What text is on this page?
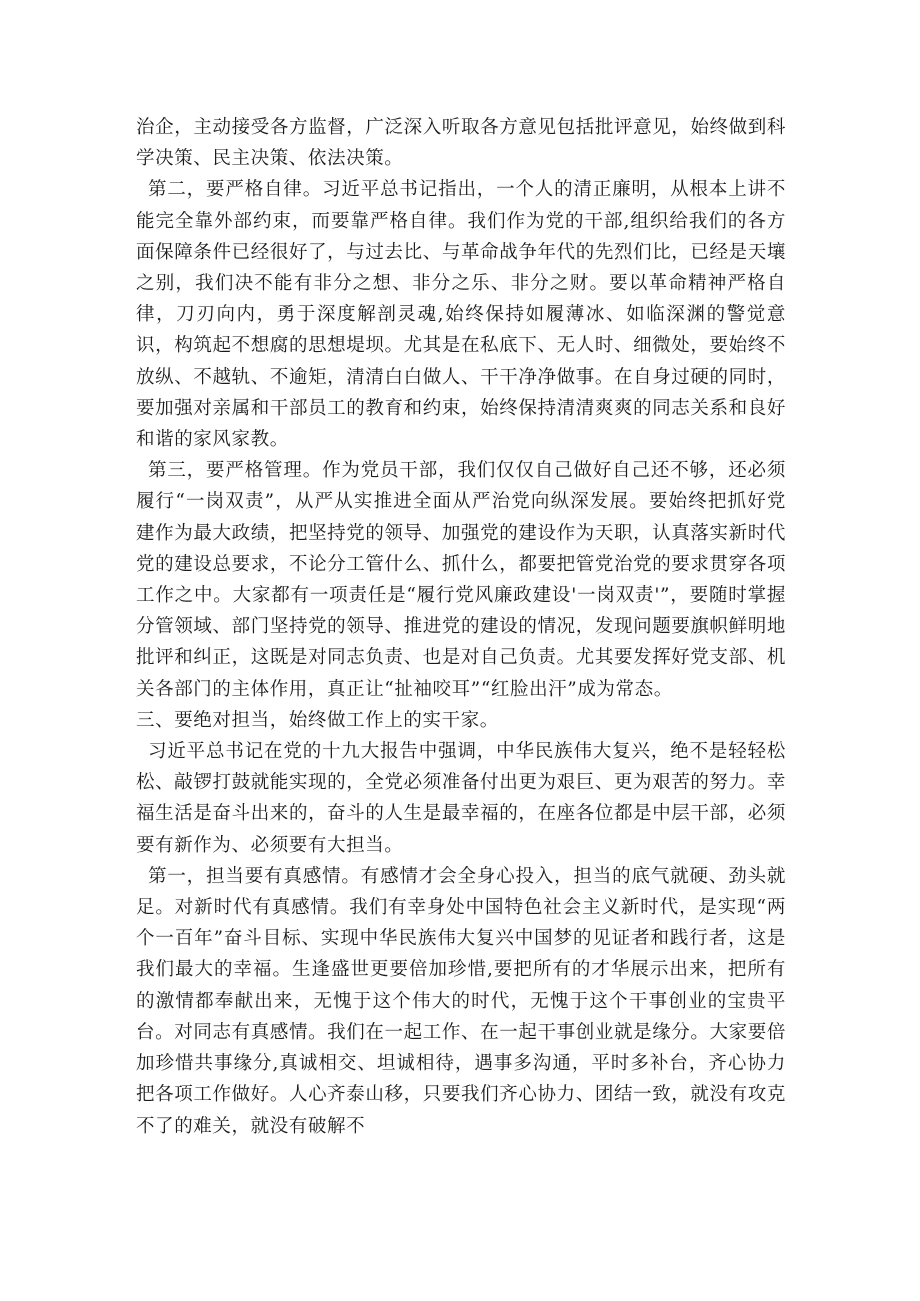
治企，主动接受各方监督，广泛深入听取各方意见包括批评意见，始终做到科学决策、民主决策、依法决策。

第二，要严格自律。习近平总书记指出，一个人的清正廉明，从根本上讲不能完全靠外部约束，而要靠严格自律。我们作为党的干部,组织给我们的各方面保障条件已经很好了，与过去比、与革命战争年代的先烈们比，已经是天壤之别，我们决不能有非分之想、非分之乐、非分之财。要以革命精神严格自律，刀刃向内，勇于深度解剖灵魂,始终保持如履薄冰、如临深渊的警觉意识，构筑起不想腐的思想堤坝。尤其是在私底下、无人时、细微处，要始终不放纵、不越轨、不逾矩，清清白白做人、干干净净做事。在自身过硬的同时，要加强对亲属和干部员工的教育和约束，始终保持清清爽爽的同志关系和良好和谐的家风家教。

第三，要严格管理。作为党员干部，我们仅仅自己做好自己还不够，还必须履行“一岗双责”，从严从实推进全面从严治党向纵深发展。要始终把抓好党建作为最大政绩，把坚持党的领导、加强党的建设作为天职，认真落实新时代党的建设总要求，不论分工管什么、抓什么，都要把管党治党的要求贯穿各项工作之中。大家都有一项责任是“履行党风廉政建设'一岗双责'”，要随时掌握分管领域、部门坚持党的领导、推进党的建设的情况，发现问题要旗帜鲜明地批评和纠正，这既是对同志负责、也是对自己负责。尤其要发挥好党支部、机关各部门的主体作用，真正让“扯袖咬耳”“红脸出汗”成为常态。

三、要绝对担当，始终做工作上的实干家。

习近平总书记在党的十九大报告中强调，中华民族伟大复兴，绝不是轻轻松松、敲锣打鼓就能实现的，全党必须准备付出更为艰巨、更为艰苦的努力。幸福生活是奋斗出来的，奋斗的人生是最幸福的，在座各位都是中层干部，必须要有新作为、必须要有大担当。

第一，担当要有真感情。有感情才会全身心投入，担当的底气就硬、劲头就足。对新时代有真感情。我们有幸身处中国特色社会主义新时代，是实现“两个一百年”奋斗目标、实现中华民族伟大复兴中国梦的见证者和践行者，这是我们最大的幸福。生逢盛世更要倍加珍惜,要把所有的才华展示出来，把所有的激情都奉献出来，无愧于这个伟大的时代，无愧于这个干事创业的宝贵平台。对同志有真感情。我们在一起工作、在一起干事创业就是缘分。大家要倍加珍惜共事缘分,真诚相交、坦诚相待，遇事多沟通，平时多补台，齐心协力把各项工作做好。人心齐泰山移，只要我们齐心协力、团结一致，就没有攻克不了的难关，就没有破解不
